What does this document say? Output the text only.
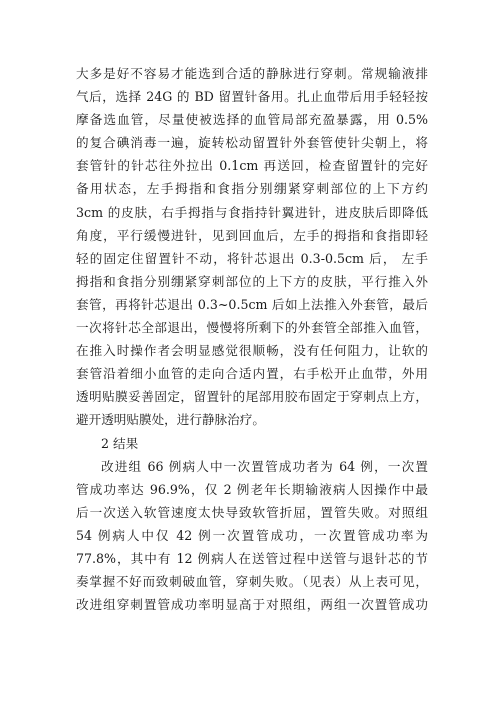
大多是好不容易才能选到合适的静脉进行穿刺。常规输液排
气后，选择 24G 的 BD 留置针备用。扎止血带后用手轻轻按
摩备选血管，尽量使被选择的血管局部充盈暴露，用 0.5%
的复合碘消毒一遍，旋转松动留置针外套管使针尖朝上，将
套管针的针芯往外拉出 0.1cm 再送回，检查留置针的完好
备用状态，左手拇指和食指分别绷紧穿刺部位的上下方约
3cm 的皮肤，右手拇指与食指持针翼进针，进皮肤后即降低
角度，平行缓慢进针，见到回血后，左手的拇指和食指即轻
轻的固定住留置针不动，将针芯退出 0.3-0.5cm 后， 左手
拇指和食指分别绷紧穿刺部位的上下方的皮肤，平行推入外
套管，再将针芯退出 0.3~0.5cm 后如上法推入外套管，最后
一次将针芯全部退出，慢慢将所剩下的外套管全部推入血管，
在推入时操作者会明显感觉很顺畅，没有任何阻力，让软的
套管沿着细小血管的走向合适内置，右手松开止血带，外用
透明贴膜妥善固定，留置针的尾部用胶布固定于穿刺点上方，
避开透明贴膜处，进行静脉治疗。
2 结果
改进组 66 例病人中一次置管成功者为 64 例，一次置
管成功率达 96.9%，仅 2 例老年长期输液病人因操作中最
后一次送入软管速度太快导致软管折屈，置管失败。对照组
54 例病人中仅 42 例一次置管成功，一次置管成功率为
77.8%，其中有 12 例病人在送管过程中送管与退针芯的节
奏掌握不好而致刺破血管，穿刺失败。（见表）从上表可见，
改进组穿刺置管成功率明显高于对照组，两组一次置管成功
